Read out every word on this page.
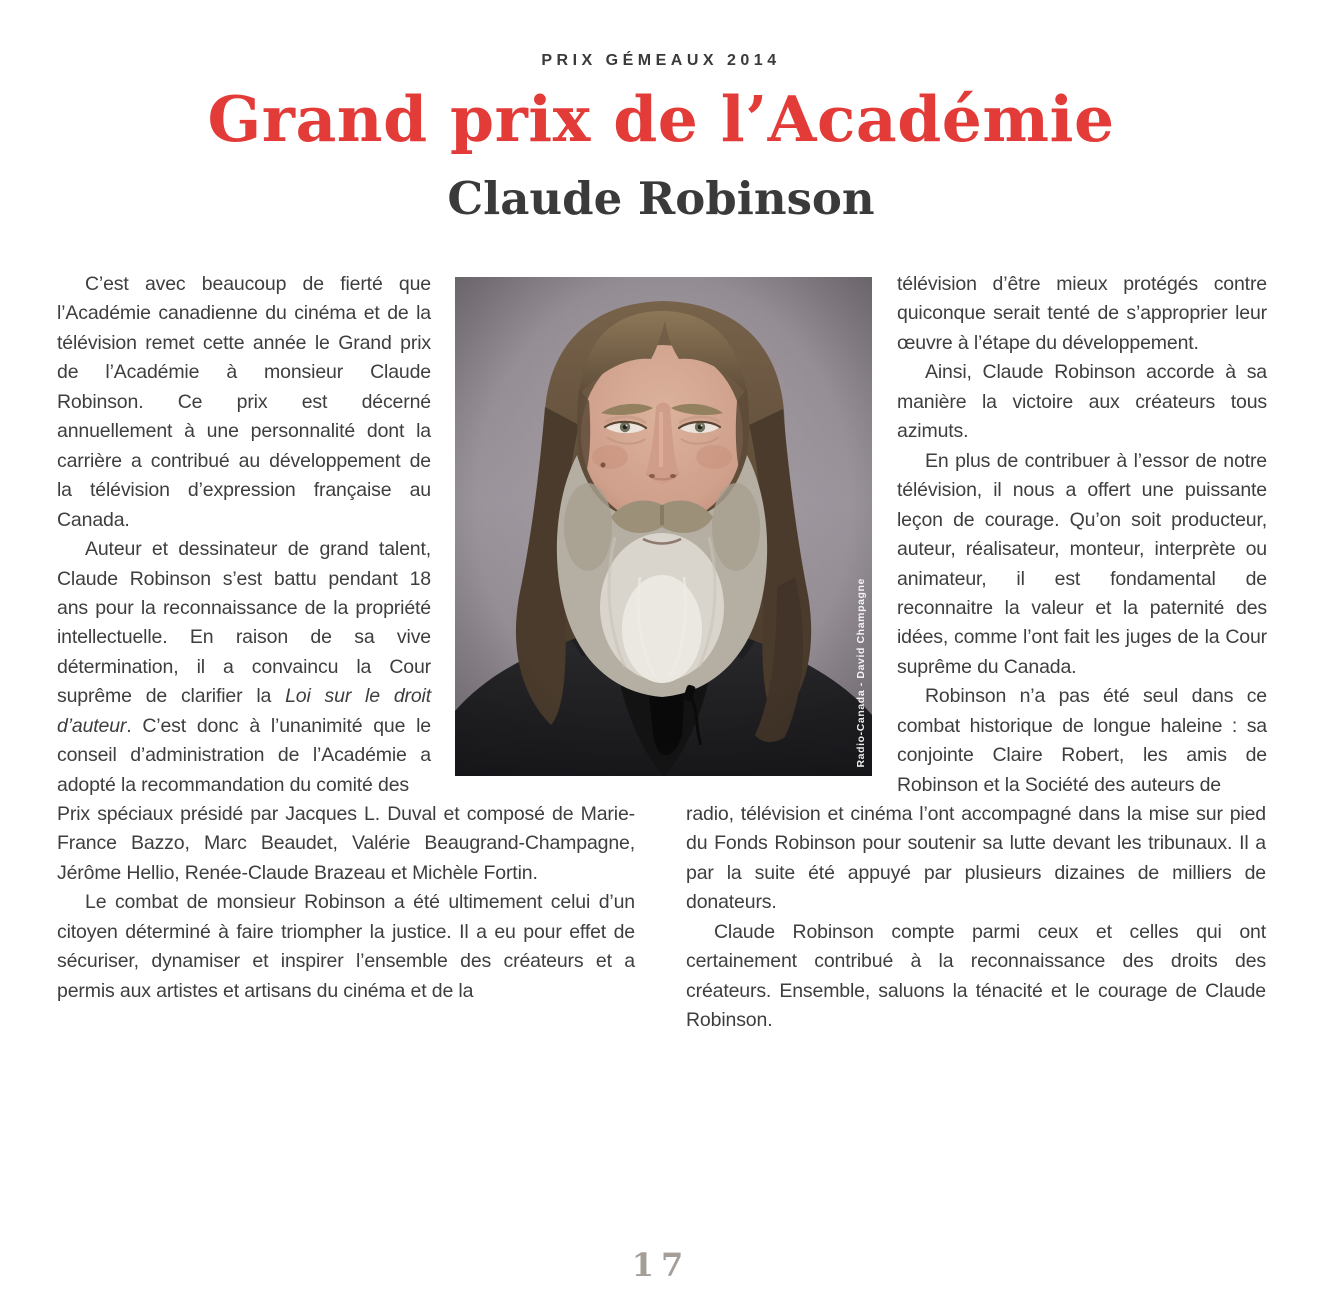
PRIX GÉMEAUX 2014
Grand prix de l’Académie
Claude Robinson

C’est avec beaucoup de fierté que l’Académie canadienne du cinéma et de la télévision remet cette année le Grand prix de l’Académie à monsieur Claude Robinson. Ce prix est décerné annuellement à une personnalité dont la carrière a contribué au développement de la télévision d’expression française au Canada.

Auteur et dessinateur de grand talent, Claude Robinson s’est battu pendant 18 ans pour la reconnaissance de la propriété intellectuelle. En raison de sa vive détermination, il a convaincu la Cour suprême de clarifier la Loi sur le droit d’auteur. C’est donc à l’unanimité que le conseil d’administration de l’Académie a adopté la recommandation du comité des

Radio-Canada - David Champagne

télévision d’être mieux protégés contre quiconque serait tenté de s’approprier leur œuvre à l’étape du développement.

Ainsi, Claude Robinson accorde à sa manière la victoire aux créateurs tous azimuts.

En plus de contribuer à l’essor de notre télévision, il nous a offert une puissante leçon de courage. Qu’on soit producteur, auteur, réalisateur, monteur, interprète ou animateur, il est fondamental de reconnaitre la valeur et la paternité des idées, comme l’ont fait les juges de la Cour suprême du Canada.

Robinson n’a pas été seul dans ce combat historique de longue haleine : sa conjointe Claire Robert, les amis de Robinson et la Société des auteurs de

Prix spéciaux présidé par Jacques L. Duval et composé de Marie-France Bazzo, Marc Beaudet, Valérie Beaugrand-Champagne, Jérôme Hellio, Renée-Claude Brazeau et Michèle Fortin.

Le combat de monsieur Robinson a été ultimement celui d’un citoyen déterminé à faire triompher la justice. Il a eu pour effet de sécuriser, dynamiser et inspirer l’ensemble des créateurs et a permis aux artistes et artisans du cinéma et de la

radio, télévision et cinéma l’ont accompagné dans la mise sur pied du Fonds Robinson pour soutenir sa lutte devant les tribunaux. Il a par la suite été appuyé par plusieurs dizaines de milliers de donateurs.

Claude Robinson compte parmi ceux et celles qui ont certainement contribué à la reconnaissance des droits des créateurs. Ensemble, saluons la ténacité et le courage de Claude Robinson.

17
